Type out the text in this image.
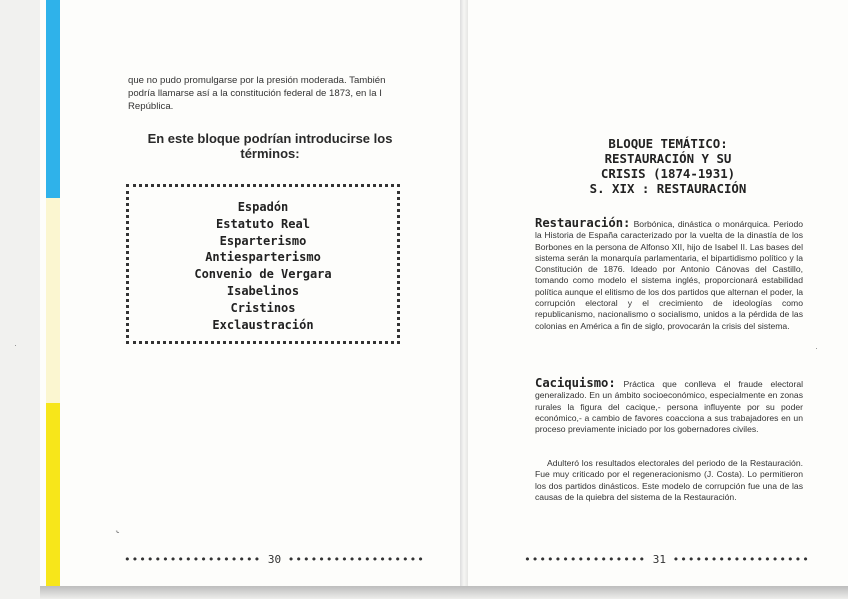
que no pudo promulgarse por la presión moderada. También podría llamarse así a la constitución federal de 1873, en la I República.
En este bloque podrían introducirse los términos:
Espadón
Estatuto Real
Esparterismo
Antiesparterismo
Convenio de Vergara
Isabelinos
Cristinos
Exclaustración
˞
·	·
•••••••••••••••••• 30 ••••••••••••••••••
BLOQUE TEMÁTICO:
RESTAURACIÓN Y SU
CRISIS (1874-1931)
S. XIX : RESTAURACIÓN
Restauración: Borbónica, dinástica o monárquica. Periodo la Historia de España caracterizado por la vuelta de la dinastía de los Borbones en la persona de Alfonso XII, hijo de Isabel II. Las bases del sistema serán la monarquía parlamentaria, el bipartidismo político y la Constitución de 1876. Ideado por Antonio Cánovas del Castillo, tomando como modelo el sistema inglés, proporcionará estabilidad política aunque el elitismo de los dos partidos que alternan el poder, la corrupción electoral y el crecimiento de ideologías como republicanismo, nacionalismo o socialismo, unidos a la pérdida de las colonias en América a fin de siglo, provocarán la crisis del sistema.
Caciquismo: Práctica que conlleva el fraude electoral generalizado. En un ámbito socioeconómico, especialmente en zonas rurales la figura del cacique,- persona influyente por su poder económico,- a cambio de favores coacciona a sus trabajadores en un proceso previamente iniciado por los gobernadores civiles.
Adulteró los resultados electorales del periodo de la Restauración. Fue muy criticado por el regeneracionismo (J. Costa). Lo permitieron los dos partidos dinásticos. Este modelo de corrupción fue una de las causas de la quiebra del sistema de la Restauración.
•••••••••••••••• 31 ••••••••••••••••••
